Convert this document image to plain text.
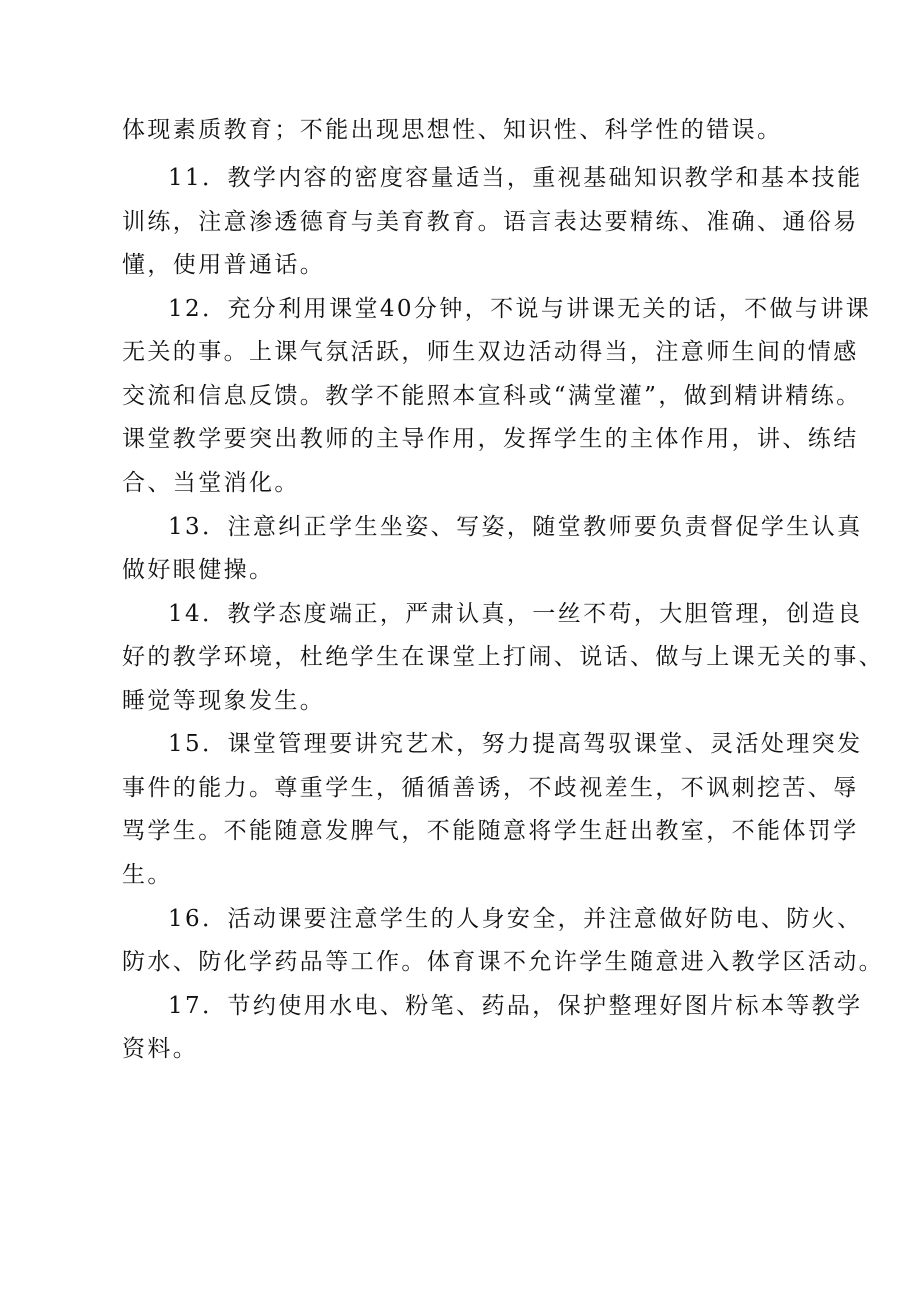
体现素质教育；不能出现思想性、知识性、科学性的错误。
11．教学内容的密度容量适当，重视基础知识教学和基本技能
训练，注意渗透德育与美育教育。语言表达要精练、准确、通俗易
懂，使用普通话。
12．充分利用课堂40分钟，不说与讲课无关的话，不做与讲课
无关的事。上课气氛活跃，师生双边活动得当，注意师生间的情感
交流和信息反馈。教学不能照本宣科或“满堂灌”，做到精讲精练。
课堂教学要突出教师的主导作用，发挥学生的主体作用，讲、练结
合、当堂消化。
13．注意纠正学生坐姿、写姿，随堂教师要负责督促学生认真
做好眼健操。
14．教学态度端正，严肃认真，一丝不苟，大胆管理，创造良
好的教学环境，杜绝学生在课堂上打闹、说话、做与上课无关的事、
睡觉等现象发生。
15．课堂管理要讲究艺术，努力提高驾驭课堂、灵活处理突发
事件的能力。尊重学生，循循善诱，不歧视差生，不讽刺挖苦、辱
骂学生。不能随意发脾气，不能随意将学生赶出教室，不能体罚学
生。
16．活动课要注意学生的人身安全，并注意做好防电、防火、
防水、防化学药品等工作。体育课不允许学生随意进入教学区活动。
17．节约使用水电、粉笔、药品，保护整理好图片标本等教学
资料。
